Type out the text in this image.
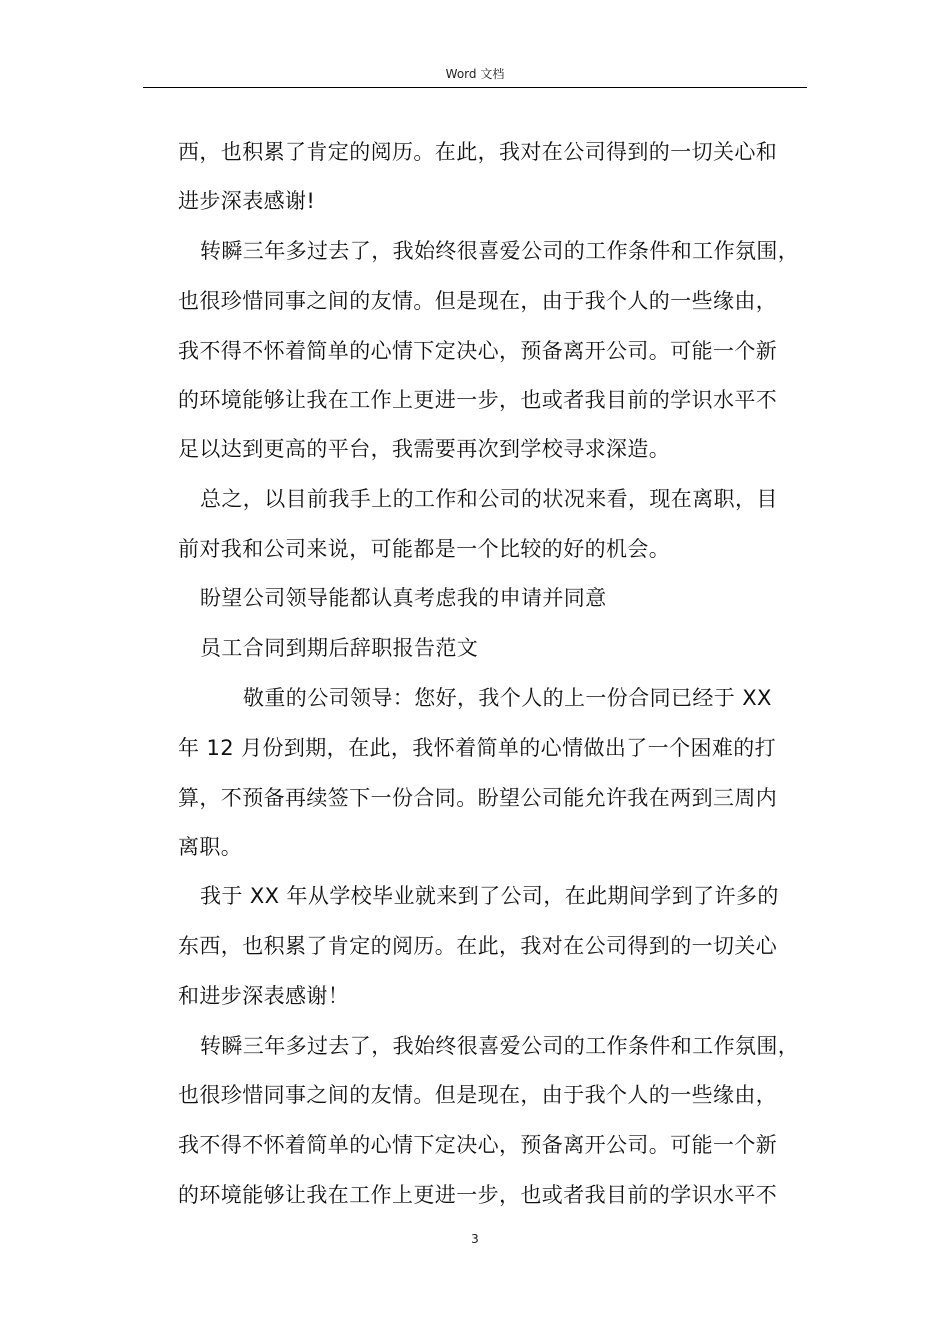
Word 文档
西，也积累了肯定的阅历。在此，我对在公司得到的一切关心和
进步深表感谢!
转瞬三年多过去了，我始终很喜爱公司的工作条件和工作氛围，
也很珍惜同事之间的友情。但是现在，由于我个人的一些缘由，
我不得不怀着简单的心情下定决心，预备离开公司。可能一个新
的环境能够让我在工作上更进一步，也或者我目前的学识水平不
足以达到更高的平台，我需要再次到学校寻求深造。
总之，以目前我手上的工作和公司的状况来看，现在离职，目
前对我和公司来说，可能都是一个比较的好的机会。
盼望公司领导能都认真考虑我的申请并同意
员工合同到期后辞职报告范文
敬重的公司领导：您好，我个人的上一份合同已经于 XX
年 12 月份到期，在此，我怀着简单的心情做出了一个困难的打
算，不预备再续签下一份合同。盼望公司能允许我在两到三周内
离职。
我于 XX 年从学校毕业就来到了公司，在此期间学到了许多的
东西，也积累了肯定的阅历。在此，我对在公司得到的一切关心
和进步深表感谢！
转瞬三年多过去了，我始终很喜爱公司的工作条件和工作氛围，
也很珍惜同事之间的友情。但是现在，由于我个人的一些缘由，
我不得不怀着简单的心情下定决心，预备离开公司。可能一个新
的环境能够让我在工作上更进一步，也或者我目前的学识水平不
3
